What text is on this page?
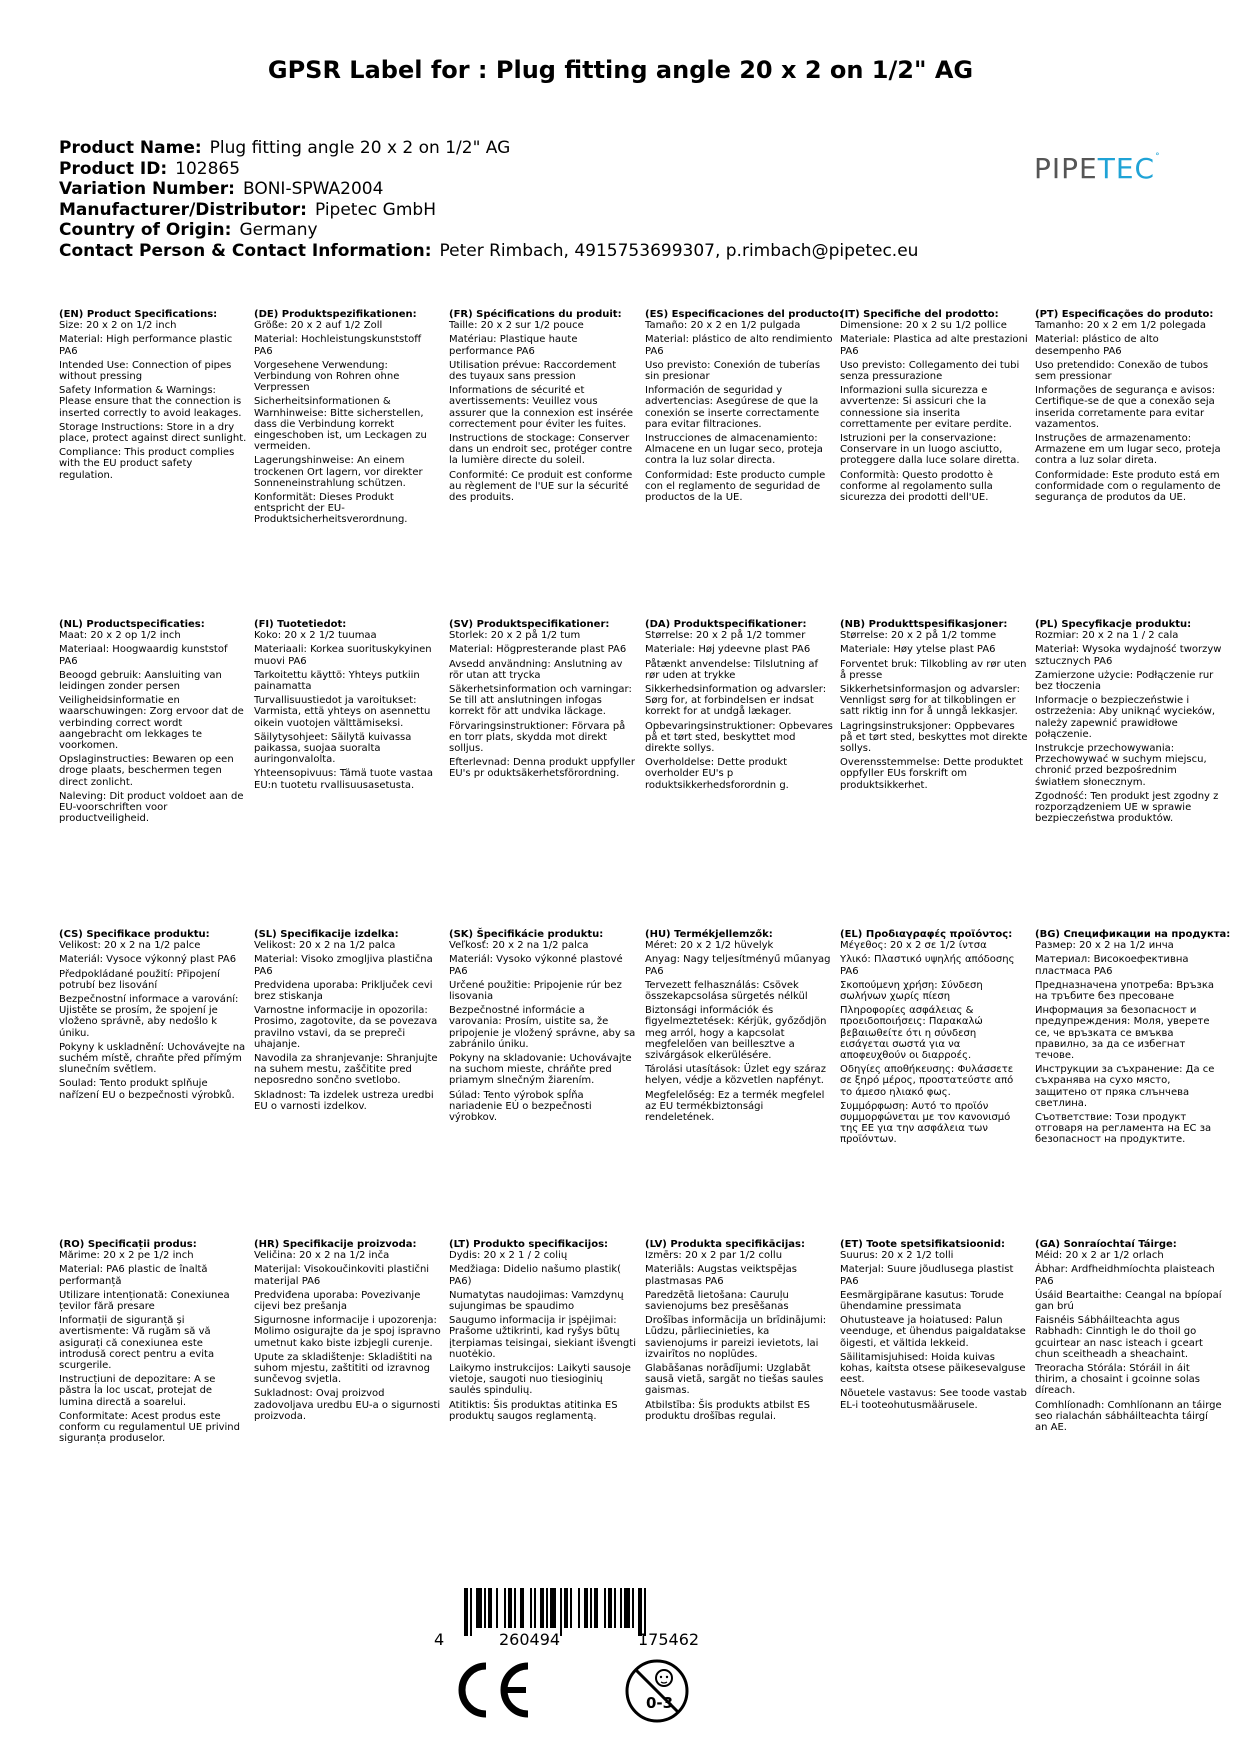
GPSR Label for : Plug fitting angle 20 x 2 on 1/2" AG
Product Name: Plug fitting angle 20 x 2 on 1/2" AG
Product ID: 102865
Variation Number: BONI-SPWA2004
Manufacturer/Distributor: Pipetec GmbH
Country of Origin: Germany
Contact Person & Contact Information: Peter Rimbach, 4915753699307, p.rimbach@pipetec.eu
PIPETEC°
(EN) Product Specifications:

Size: 20 x 2 on 1/2 inch

Material: High performance plastic PA6

Intended Use: Connection of pipes without pressing

Safety Information & Warnings: Please ensure that the connection is inserted correctly to avoid leakages.

Storage Instructions: Store in a dry place, protect against direct sunlight.

Compliance: This product complies with the EU product safety regulation.

(DE) Produktspezifikationen:

Größe: 20 x 2 auf 1/2 Zoll

Material: Hochleistungskunststoff PA6

Vorgesehene Verwendung: Verbindung von Rohren ohne Verpressen

Sicherheitsinformationen & Warnhinweise: Bitte sicherstellen, dass die Verbindung korrekt eingeschoben ist, um Leckagen zu vermeiden.

Lagerungshinweise: An einem trockenen Ort lagern, vor direkter Sonneneinstrahlung schützen.

Konformität: Dieses Produkt entspricht der EU-Produktsicherheitsverordnung.

(FR) Spécifications du produit:

Taille: 20 x 2 sur 1/2 pouce

Matériau: Plastique haute performance PA6

Utilisation prévue: Raccordement des tuyaux sans pression

Informations de sécurité et avertissements: Veuillez vous assurer que la connexion est insérée correctement pour éviter les fuites.

Instructions de stockage: Conserver dans un endroit sec, protéger contre la lumière directe du soleil.

Conformité: Ce produit est conforme au règlement de l'UE sur la sécurité des produits.

(ES) Especificaciones del producto:

Tamaño: 20 x 2 en 1/2 pulgada

Material: plástico de alto rendimiento PA6

Uso previsto: Conexión de tuberías sin presionar

Información de seguridad y advertencias: Asegúrese de que la conexión se inserte correctamente para evitar filtraciones.

Instrucciones de almacenamiento: Almacene en un lugar seco, proteja contra la luz solar directa.

Conformidad: Este producto cumple con el reglamento de seguridad de productos de la UE.

(IT) Specifiche del prodotto:

Dimensione: 20 x 2 su 1/2 pollice

Materiale: Plastica ad alte prestazioni PA6

Uso previsto: Collegamento dei tubi senza pressurazione

Informazioni sulla sicurezza e avvertenze: Si assicuri che la connessione sia inserita correttamente per evitare perdite.

Istruzioni per la conservazione: Conservare in un luogo asciutto, proteggere dalla luce solare diretta.

Conformità: Questo prodotto è conforme al regolamento sulla sicurezza dei prodotti dell'UE.

(PT) Especificações do produto:

Tamanho: 20 x 2 em 1/2 polegada

Material: plástico de alto desempenho PA6

Uso pretendido: Conexão de tubos sem pressionar

Informações de segurança e avisos: Certifique-se de que a conexão seja inserida corretamente para evitar vazamentos.

Instruções de armazenamento: Armazene em um lugar seco, proteja contra a luz solar direta.

Conformidade: Este produto está em conformidade com o regulamento de segurança de produtos da UE.

(NL) Productspecificaties:

Maat: 20 x 2 op 1/2 inch

Materiaal: Hoogwaardig kunststof PA6

Beoogd gebruik: Aansluiting van leidingen zonder persen

Veiligheidsinformatie en waarschuwingen: Zorg ervoor dat de verbinding correct wordt aangebracht om lekkages te voorkomen.

Opslaginstructies: Bewaren op een droge plaats, beschermen tegen direct zonlicht.

Naleving: Dit product voldoet aan de EU-voorschriften voor productveiligheid.

(FI) Tuotetiedot:

Koko: 20 x 2 1/2 tuumaa

Materiaali: Korkea suorituskykyinen muovi PA6

Tarkoitettu käyttö: Yhteys putkiin painamatta

Turvallisuustiedot ja varoitukset: Varmista, että yhteys on asennettu oikein vuotojen välttämiseksi.

Säilytysohjeet: Säilytä kuivassa paikassa, suojaa suoralta auringonvalolta.

Yhteensopivuus: Tämä tuote vastaa EU:n tuotetu rvallisuusasetusta.

(SV) Produktspecifikationer:

Storlek: 20 x 2 på 1/2 tum

Material: Högpresterande plast PA6

Avsedd användning: Anslutning av rör utan att trycka

Säkerhetsinformation och varningar: Se till att anslutningen infogas korrekt för att undvika läckage.

Förvaringsinstruktioner: Förvara på en torr plats, skydda mot direkt solljus.

Efterlevnad: Denna produkt uppfyller EU's pr oduktsäkerhetsförordning.

(DA) Produktspecifikationer:

Størrelse: 20 x 2 på 1/2 tommer

Materiale: Høj ydeevne plast PA6

Påtænkt anvendelse: Tilslutning af rør uden at trykke

Sikkerhedsinformation og advarsler: Sørg for, at forbindelsen er indsat korrekt for at undgå lækager.

Opbevaringsinstruktioner: Opbevares på et tørt sted, beskyttet mod direkte sollys.

Overholdelse: Dette produkt overholder EU's p roduktsikkerhedsforordnin g.

(NB) Produkttspesifikasjoner:

Størrelse: 20 x 2 på 1/2 tomme

Materiale: Høy ytelse plast PA6

Forventet bruk: Tilkobling av rør uten å presse

Sikkerhetsinformasjon og advarsler: Vennligst sørg for at tilkoblingen er satt riktig inn for å unngå lekkasjer.

Lagringsinstruksjoner: Oppbevares på et tørt sted, beskyttes mot direkte sollys.

Overensstemmelse: Dette produktet oppfyller EUs forskrift om produktsikkerhet.

(PL) Specyfikacje produktu:

Rozmiar: 20 x 2 na 1 / 2 cala

Materiał: Wysoka wydajność tworzyw sztucznych PA6

Zamierzone użycie: Podłączenie rur bez tłoczenia

Informacje o bezpieczeństwie i ostrzeżenia: Aby uniknąć wycieków, należy zapewnić prawidłowe połączenie.

Instrukcje przechowywania: Przechowywać w suchym miejscu, chronić przed bezpośrednim światłem słonecznym.

Zgodność: Ten produkt jest zgodny z rozporządzeniem UE w sprawie bezpieczeństwa produktów.

(CS) Specifikace produktu:

Velikost: 20 x 2 na 1/2 palce

Materiál: Vysoce výkonný plast PA6

Předpokládané použití: Připojení potrubí bez lisování

Bezpečnostní informace a varování: Ujistěte se prosím, že spojení je vloženo správně, aby nedošlo k úniku.

Pokyny k uskladnění: Uchovávejte na suchém místě, chraňte před přímým slunečním světlem.

Soulad: Tento produkt splňuje nařízení EU o bezpečnosti výrobků.

(SL) Specifikacije izdelka:

Velikost: 20 x 2 na 1/2 palca

Material: Visoko zmogljiva plastična PA6

Predvidena uporaba: Priključek cevi brez stiskanja

Varnostne informacije in opozorila: Prosimo, zagotovite, da se povezava pravilno vstavi, da se prepreči uhajanje.

Navodila za shranjevanje: Shranjujte na suhem mestu, zaščitite pred neposredno sončno svetlobo.

Skladnost: Ta izdelek ustreza uredbi EU o varnosti izdelkov.

(SK) Špecifikácie produktu:

Veľkosť: 20 x 2 na 1/2 palca

Materiál: Vysoko výkonné plastové PA6

Určené použitie: Pripojenie rúr bez lisovania

Bezpečnostné informácie a varovania: Prosím, uistite sa, že pripojenie je vložený správne, aby sa zabránilo úniku.

Pokyny na skladovanie: Uchovávajte na suchom mieste, chráňte pred priamym slnečným žiarením.

Súlad: Tento výrobok spĺňa nariadenie EÚ o bezpečnosti výrobkov.

(HU) Termékjellemzők:

Méret: 20 x 2 1/2 hüvelyk

Anyag: Nagy teljesítményű műanyag PA6

Tervezett felhasználás: Csövek összekapcsolása sürgetés nélkül

Biztonsági információk és figyelmeztetések: Kérjük, győződjön meg arról, hogy a kapcsolat megfelelően van beillesztve a szivárgások elkerülésére.

Tárolási utasítások: Üzlet egy száraz helyen, védje a közvetlen napfényt.

Megfelelőség: Ez a termék megfelel az EU termékbiztonsági rendeletének.

(EL) Προδιαγραφές προϊόντος:

Μέγεθος: 20 x 2 σε 1/2 ίντσα

Υλικό: Πλαστικό υψηλής απόδοσης PA6

Σκοπούμενη χρήση: Σύνδεση σωλήνων χωρίς πίεση

Πληροφορίες ασφάλειας & προειδοποιήσεις: Παρακαλώ βεβαιωθείτε ότι η σύνδεση εισάγεται σωστά για να αποφευχθούν οι διαρροές.

Οδηγίες αποθήκευσης: Φυλάσσετε σε ξηρό μέρος, προστατεύστε από το άμεσο ηλιακό φως.

Συμμόρφωση: Αυτό το προϊόν συμμορφώνεται με τον κανονισμό της ΕΕ για την ασφάλεια των προϊόντων.

(BG) Спецификации на продукта:

Размер: 20 x 2 на 1/2 инча

Материал: Високоефективна пластмаса PA6

Предназначена употреба: Връзка на тръбите без пресоване

Информация за безопасност и предупреждения: Моля, уверете се, че връзката се вмъква правилно, за да се избегнат течове.

Инструкции за съхранение: Да се съхранява на сухо място, защитено от пряка слънчева светлина.

Съответствие: Този продукт отговаря на регламента на ЕС за безопасност на продуктите.

(RO) Specificații produs:

Mărime: 20 x 2 pe 1/2 inch

Material: PA6 plastic de înaltă performanță

Utilizare intenționată: Conexiunea țevilor fără presare

Informații de siguranță și avertismente: Vă rugăm să vă asigurați că conexiunea este introdusă corect pentru a evita scurgerile.

Instrucțiuni de depozitare: A se păstra la loc uscat, protejat de lumina directă a soarelui.

Conformitate: Acest produs este conform cu regulamentul UE privind siguranța produselor.

(HR) Specifikacije proizvoda:

Veličina: 20 x 2 na 1/2 inča

Materijal: Visokoučinkoviti plastični materijal PA6

Predviđena uporaba: Povezivanje cijevi bez prešanja

Sigurnosne informacije i upozorenja: Molimo osigurajte da je spoj ispravno umetnut kako biste izbjegli curenje.

Upute za skladištenje: Skladištiti na suhom mjestu, zaštititi od izravnog sunčevog svjetla.

Sukladnost: Ovaj proizvod zadovoljava uredbu EU-a o sigurnosti proizvoda.

(LT) Produkto specifikacijos:

Dydis: 20 x 2 1 / 2 colių

Medžiaga: Didelio našumo plastik( PA6)

Numatytas naudojimas: Vamzdynų sujungimas be spaudimo

Saugumo informacija ir įspėjimai: Prašome užtikrinti, kad ryšys būtų įterpiamas teisingai, siekiant išvengti nuotėkio.

Laikymo instrukcijos: Laikyti sausoje vietoje, saugoti nuo tiesioginių saulės spindulių.

Atitiktis: Šis produktas atitinka ES produktų saugos reglamentą.

(LV) Produkta specifikācijas:

Izmērs: 20 x 2 par 1/2 collu

Materiāls: Augstas veiktspējas plastmasas PA6

Paredzētā lietošana: Cauruļu savienojums bez presēšanas

Drošības informācija un brīdinājumi: Lūdzu, pārliecinieties, ka savienojums ir pareizi ievietots, lai izvairītos no noplūdes.

Glabāšanas norādījumi: Uzglabāt sausā vietā, sargāt no tiešas saules gaismas.

Atbilstība: Šis produkts atbilst ES produktu drošības regulai.

(ET) Toote spetsifikatsioonid:

Suurus: 20 x 2 1/2 tolli

Materjal: Suure jõudlusega plastist PA6

Eesmärgipärane kasutus: Torude ühendamine pressimata

Ohutusteave ja hoiatused: Palun veenduge, et ühendus paigaldatakse õigesti, et vältida lekkeid.

Säilitamisjuhised: Hoida kuivas kohas, kaitsta otsese päikesevalguse eest.

Nõuetele vastavus: See toode vastab EL-i tooteohutusmäärusele.

(GA) Sonraíochtaí Táirge:

Méid: 20 x 2 ar 1/2 orlach

Ábhar: Ardfheidhmíochta plaisteach PA6

Úsáid Beartaithe: Ceangal na bpíopaí gan brú

Faisnéis Sábháilteachta agus Rabhadh: Cinntigh le do thoil go gcuirtear an nasc isteach i gceart chun sceitheadh a sheachaint.

Treoracha Stórála: Stóráil in áit thirim, a chosaint i gcoinne solas díreach.

Comhlíonadh: Comhlíonann an táirge seo rialachán sábháilteachta táirgí an AE.

4	260494	175462
0-3
